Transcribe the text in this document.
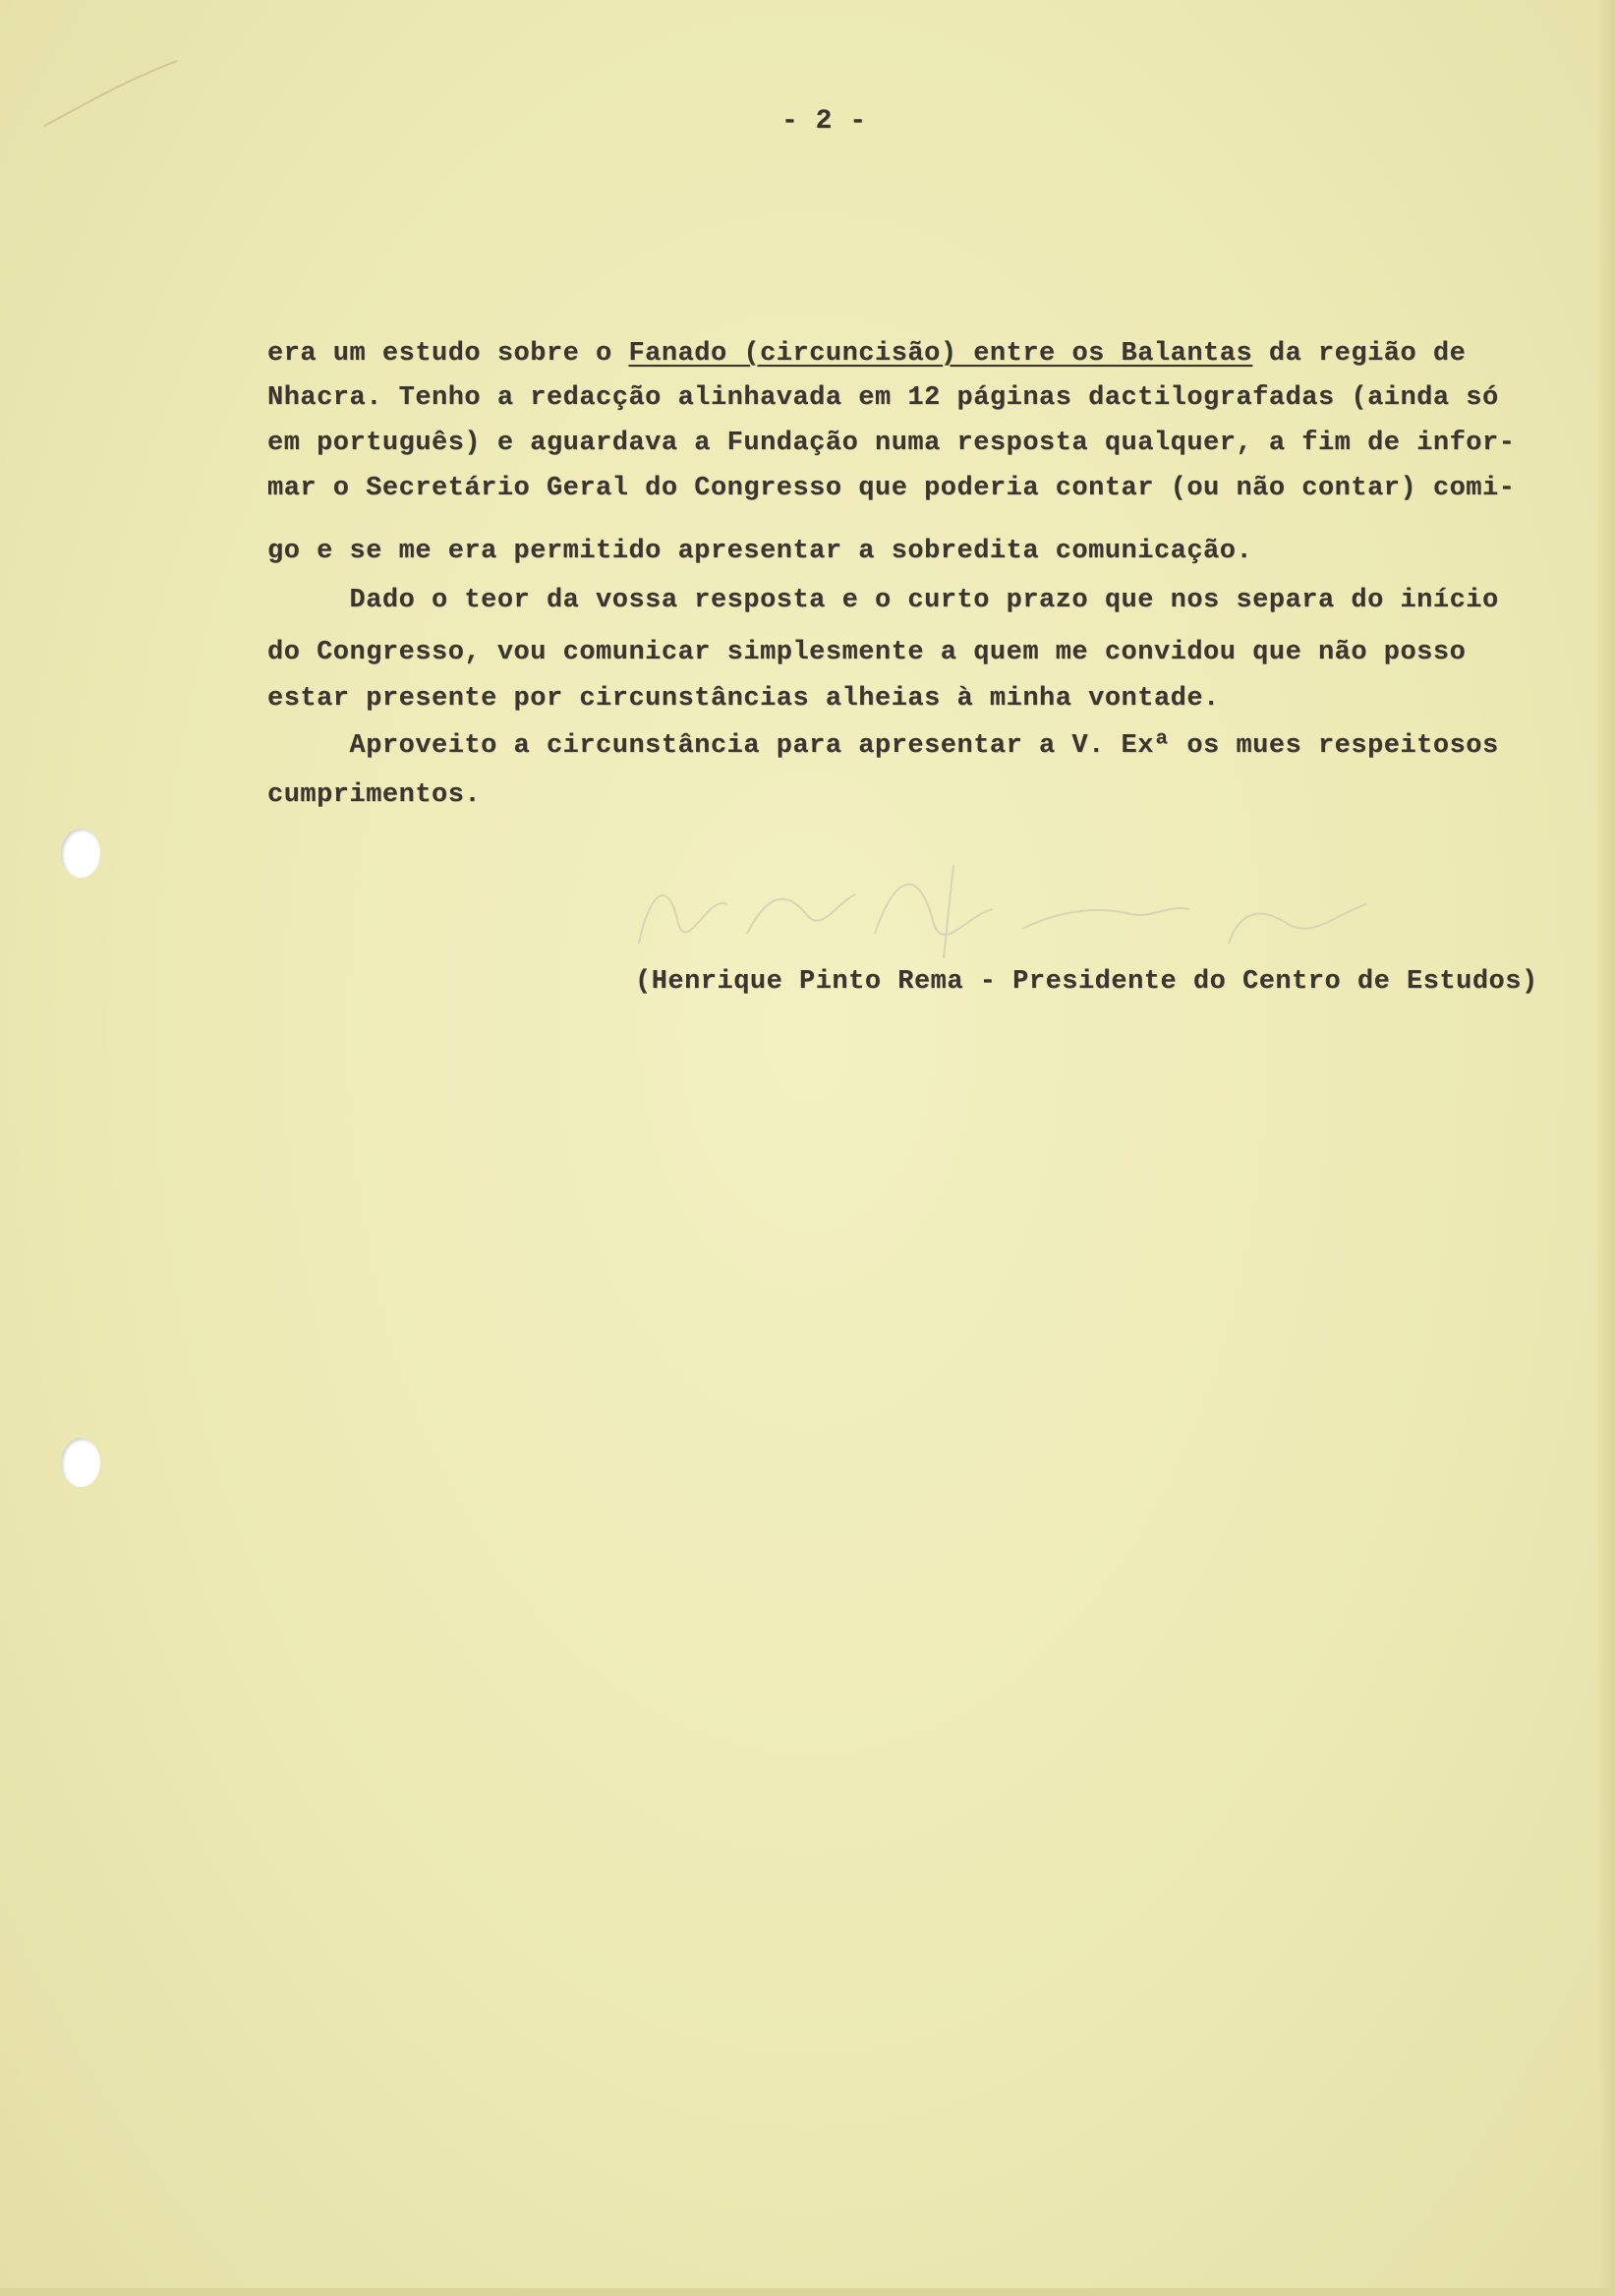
- 2 -
era um estudo sobre o Fanado (circuncisão) entre os Balantas da região de
Nhacra. Tenho a redacção alinhavada em 12 páginas dactilografadas (ainda só
em português) e aguardava a Fundação numa resposta qualquer, a fim de infor-
mar o Secretário Geral do Congresso que poderia contar (ou não contar) comi-
go e se me era permitido apresentar a sobredita comunicação.
Dado o teor da vossa resposta e o curto prazo que nos separa do início
do Congresso, vou comunicar simplesmente a quem me convidou que não posso
estar presente por circunstâncias alheias à minha vontade.
Aproveito a circunstância para apresentar a V. Exª os mues respeitosos
cumprimentos.
(Henrique Pinto Rema - Presidente do Centro de Estudos)
